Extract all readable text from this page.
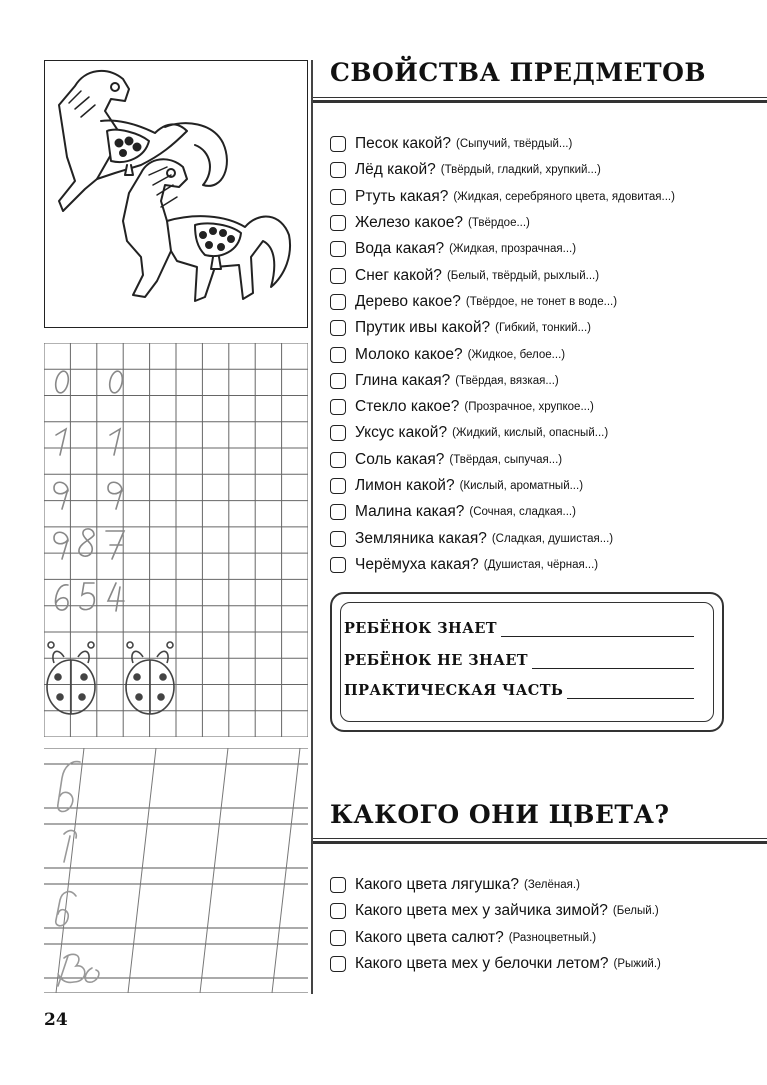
СВОЙСТВА ПРЕДМЕТОВ
Песок какой? (Сыпучий, твёрдый...)
Лёд какой? (Твёрдый, гладкий, хрупкий...)
Ртуть какая? (Жидкая, серебряного цвета, ядовитая...)
Железо какое? (Твёрдое...)
Вода какая? (Жидкая, прозрачная...)
Снег какой? (Белый, твёрдый, рыхлый...)
Дерево какое? (Твёрдое, не тонет в воде...)
Прутик ивы какой? (Гибкий, тонкий...)
Молоко какое? (Жидкое, белое...)
Глина какая? (Твёрдая, вязкая...)
Стекло какое? (Прозрачное, хрупкое...)
Уксус какой? (Жидкий, кислый, опасный...)
Соль какая? (Твёрдая, сыпучая...)
Лимон какой? (Кислый, ароматный...)
Малина какая? (Сочная, сладкая...)
Земляника какая? (Сладкая, душистая...)
Черёмуха какая? (Душистая, чёрная...)
РЕБЁНОК ЗНАЕТ
РЕБЁНОК НЕ ЗНАЕТ
ПРАКТИЧЕСКАЯ ЧАСТЬ
КАКОГО ОНИ ЦВЕТА?
Какого цвета лягушка? (Зелёная.)
Какого цвета мех у зайчика зимой? (Белый.)
Какого цвета салют? (Разноцветный.)
Какого цвета мех у белочки летом? (Рыжий.)
24
